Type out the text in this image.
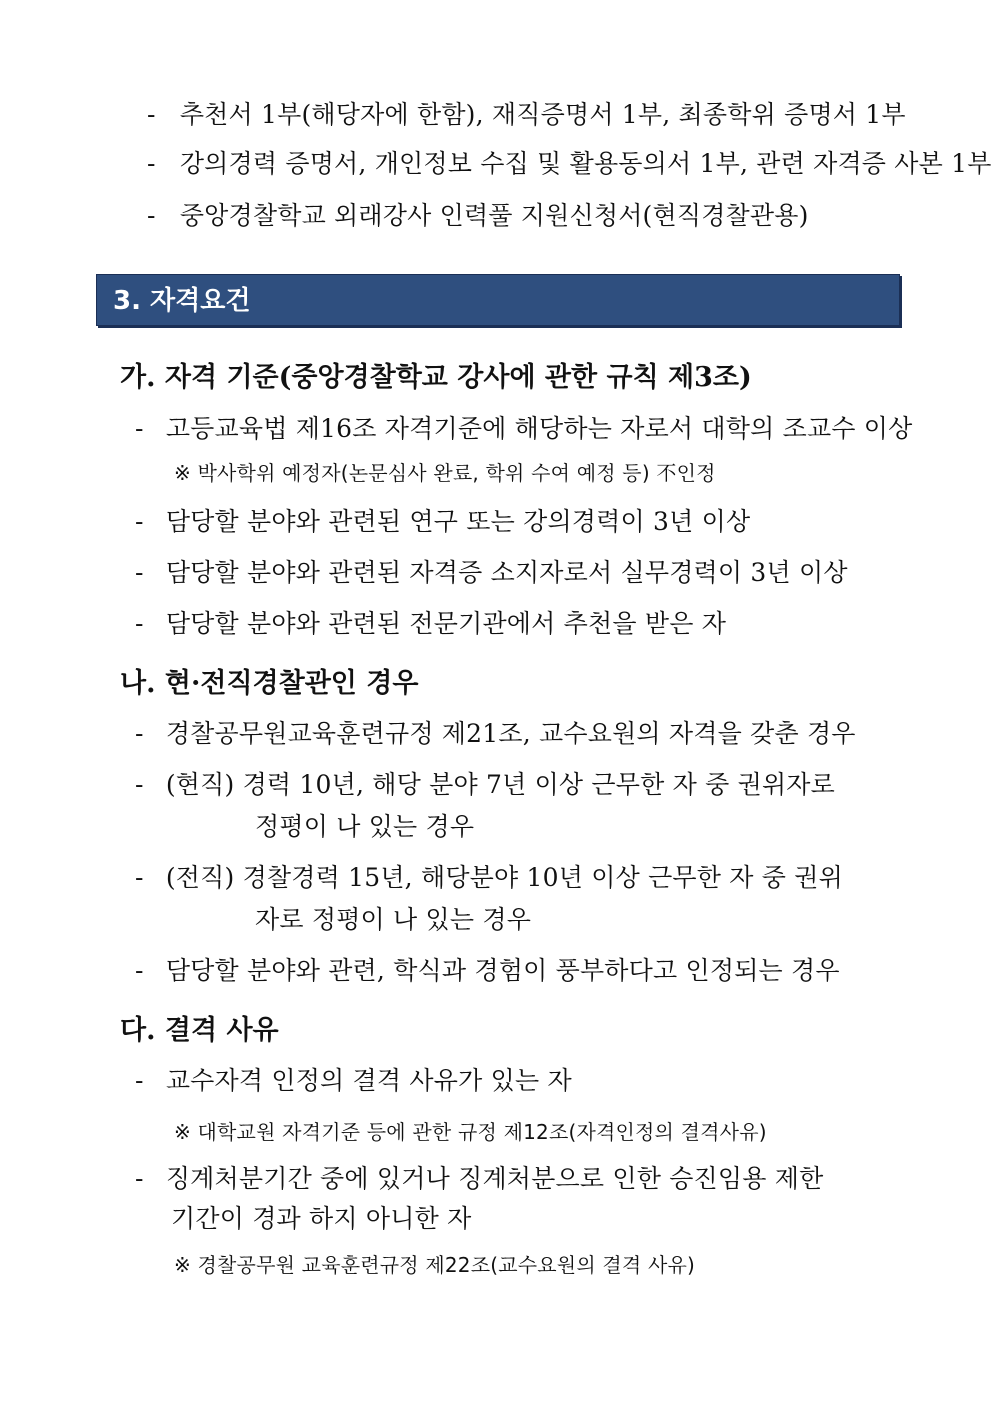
- 추천서 1부(해당자에 한함), 재직증명서 1부, 최종학위 증명서 1부
- 강의경력 증명서, 개인정보 수집 및 활용동의서 1부, 관련 자격증 사본 1부
- 중앙경찰학교 외래강사 인력풀 지원신청서(현직경찰관용)
3. 자격요건
가. 자격 기준(중앙경찰학교 강사에 관한 규칙 제3조)
- 고등교육법 제16조 자격기준에 해당하는 자로서 대학의 조교수 이상
※ 박사학위 예정자(논문심사 완료, 학위 수여 예정 등) 不인정
- 담당할 분야와 관련된 연구 또는 강의경력이 3년 이상
- 담당할 분야와 관련된 자격증 소지자로서 실무경력이 3년 이상
- 담당할 분야와 관련된 전문기관에서 추천을 받은 자
나. 현·전직경찰관인 경우
- 경찰공무원교육훈련규정 제21조, 교수요원의 자격을 갖춘 경우
- (현직) 경력 10년, 해당 분야 7년 이상 근무한 자 중 권위자로
정평이 나 있는 경우
- (전직) 경찰경력 15년, 해당분야 10년 이상 근무한 자 중 권위
자로 정평이 나 있는 경우
- 담당할 분야와 관련, 학식과 경험이 풍부하다고 인정되는 경우
다. 결격 사유
- 교수자격 인정의 결격 사유가 있는 자
※ 대학교원 자격기준 등에 관한 규정 제12조(자격인정의 결격사유)
- 징계처분기간 중에 있거나 징계처분으로 인한 승진임용 제한
기간이 경과 하지 아니한 자
※ 경찰공무원 교육훈련규정 제22조(교수요원의 결격 사유)
